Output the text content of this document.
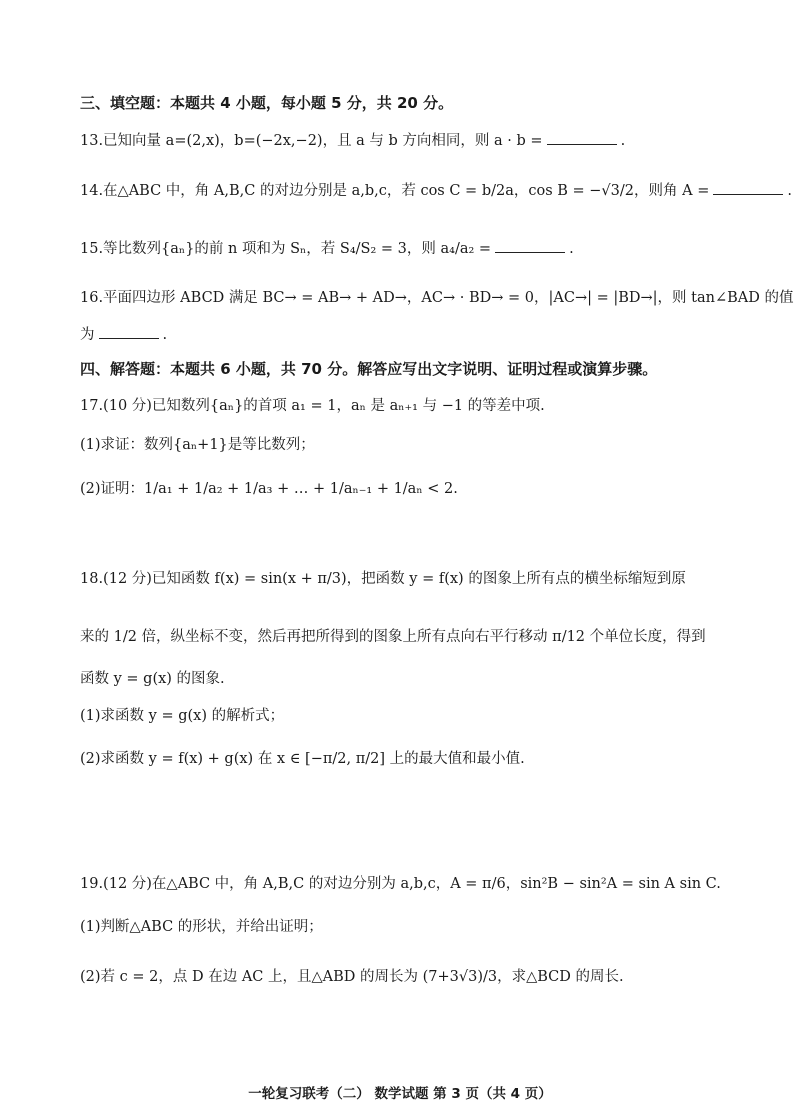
三、填空题：本题共 4 小题，每小题 5 分，共 20 分。
13.已知向量 a=(2,x)，b=(−2x,−2)，且 a 与 b 方向相同，则 a · b =	.
14.在△ABC 中，角 A,B,C 的对边分别是 a,b,c，若 cos C = b/2a，cos B = −√3/2，则角 A =	.
15.等比数列{aₙ}的前 n 项和为 Sₙ，若 S₄/S₂ = 3，则 a₄/a₂ =	.
16.平面四边形 ABCD 满足 BC→ = AB→ + AD→，AC→ · BD→ = 0，|AC→| = |BD→|，则 tan∠BAD 的值
为	.
四、解答题：本题共 6 小题，共 70 分。解答应写出文字说明、证明过程或演算步骤。
17.(10 分)已知数列{aₙ}的首项 a₁ = 1，aₙ 是 aₙ₊₁ 与 −1 的等差中项.
(1)求证：数列{aₙ+1}是等比数列；
(2)证明：1/a₁ + 1/a₂ + 1/a₃ + … + 1/aₙ₋₁ + 1/aₙ < 2.
18.(12 分)已知函数 f(x) = sin(x + π/3)，把函数 y = f(x) 的图象上所有点的横坐标缩短到原
来的 1/2 倍，纵坐标不变，然后再把所得到的图象上所有点向右平行移动 π/12 个单位长度，得到
函数 y = g(x) 的图象.
(1)求函数 y = g(x) 的解析式；
(2)求函数 y = f(x) + g(x) 在 x ∈ [−π/2, π/2] 上的最大值和最小值.
19.(12 分)在△ABC 中，角 A,B,C 的对边分别为 a,b,c，A = π/6，sin²B − sin²A = sin A sin C.
(1)判断△ABC 的形状，并给出证明；
(2)若 c = 2，点 D 在边 AC 上，且△ABD 的周长为 (7+3√3)/3，求△BCD 的周长.
一轮复习联考（二） 数学试题 第 3 页（共 4 页）
